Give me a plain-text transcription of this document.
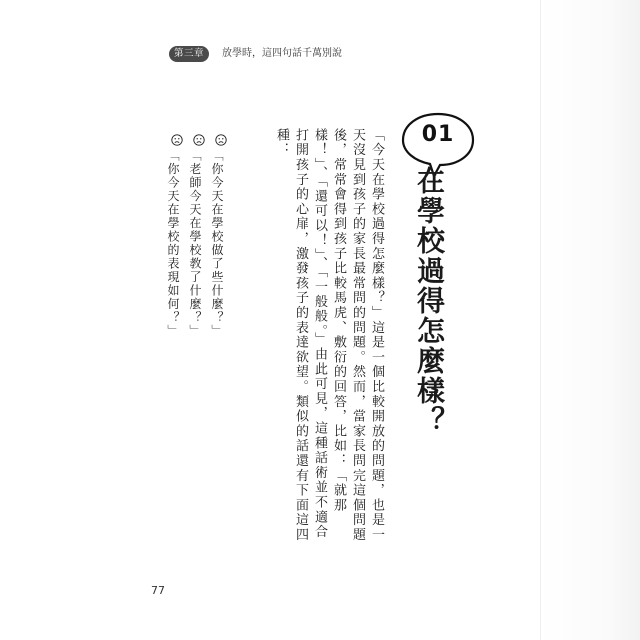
第三章	放學時，這四句話千萬別說
01
在學校過得怎麼樣？

「今天在學校過得怎麼樣？」這是一個比較開放的問題，也是一天沒見到孩子的家長最常問的問題。然而，當家長問完這個問題後，常常會得到孩子比較馬虎、敷衍的回答，比如：「就那樣！」、「還可以！」、「一般般。」由此可見，這種話術並不適合打開孩子的心扉，激發孩子的表達欲望。類似的話還有下面這四種：

「你今天在學校做了些什麼？」
「老師今天在學校教了什麼？」
「你今天在學校的表現如何？」
77
